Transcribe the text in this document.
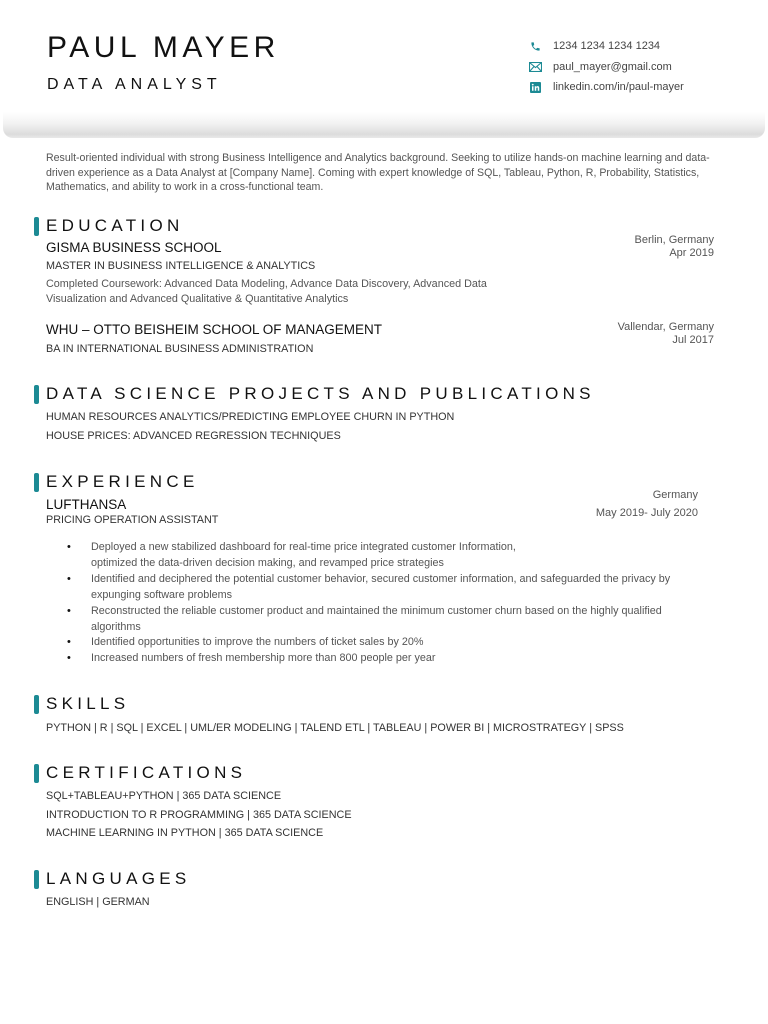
PAUL MAYER
DATA ANALYST
1234 1234 1234 1234
paul_mayer@gmail.com
linkedin.com/in/paul-mayer
Result-oriented individual with strong Business Intelligence and Analytics background. Seeking to utilize hands-on machine learning and data-driven experience as a Data Analyst at [Company Name]. Coming with expert knowledge of SQL, Tableau, Python, R, Probability, Statistics, Mathematics, and ability to work in a cross-functional team.
EDUCATION
GISMA BUSINESS SCHOOL
MASTER IN BUSINESS INTELLIGENCE & ANALYTICS
Completed Coursework: Advanced Data Modeling, Advance Data Discovery, Advanced Data Visualization and Advanced Qualitative & Quantitative Analytics
Berlin, Germany
Apr 2019
WHU – OTTO BEISHEIM SCHOOL OF MANAGEMENT
BA IN INTERNATIONAL BUSINESS ADMINISTRATION
Vallendar, Germany
Jul 2017
DATA SCIENCE PROJECTS AND PUBLICATIONS
HUMAN RESOURCES ANALYTICS/PREDICTING EMPLOYEE CHURN IN PYTHON
HOUSE PRICES: ADVANCED REGRESSION TECHNIQUES
EXPERIENCE
LUFTHANSA
PRICING OPERATION ASSISTANT
Germany
May 2019- July 2020
• Deployed a new stabilized dashboard for real-time price integrated customer Information,
optimized the data-driven decision making, and revamped price strategies
• Identified and deciphered the potential customer behavior, secured customer information, and safeguarded the privacy by
expunging software problems
• Reconstructed the reliable customer product and maintained the minimum customer churn based on the highly qualified
algorithms
• Identified opportunities to improve the numbers of ticket sales by 20%
• Increased numbers of fresh membership more than 800 people per year
SKILLS
PYTHON | R | SQL | EXCEL | UML/ER MODELING | TALEND ETL | TABLEAU | POWER BI | MICROSTRATEGY | SPSS
CERTIFICATIONS
SQL+TABLEAU+PYTHON | 365 DATA SCIENCE
INTRODUCTION TO R PROGRAMMING | 365 DATA SCIENCE
MACHINE LEARNING IN PYTHON | 365 DATA SCIENCE
LANGUAGES
ENGLISH | GERMAN
